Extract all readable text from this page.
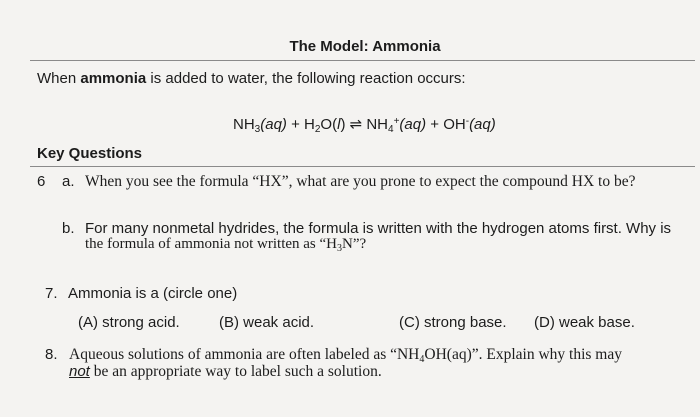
The Model: Ammonia
When ammonia is added to water, the following reaction occurs:
$NH_3(aq) + H_2O(l)$ ⇌ $NH_4^+(aq) + OH^-(aq)$
Key Questions
6 a. When you see the formula “HX”, what are you prone to expect the compound HX to be?
b. For many nonmetal hydrides, the formula is written with the hydrogen atoms first. Why is
the formula of ammonia not written as “$H_3N$”?
7. Ammonia is a (circle one)
(A) strong acid.	(B) weak acid.	(C) strong base. (D) weak base.
8. Aqueous solutions of ammonia are often labeled as “$NH_4OH(aq)$”. Explain why this may
not be an appropriate way to label such a solution.
